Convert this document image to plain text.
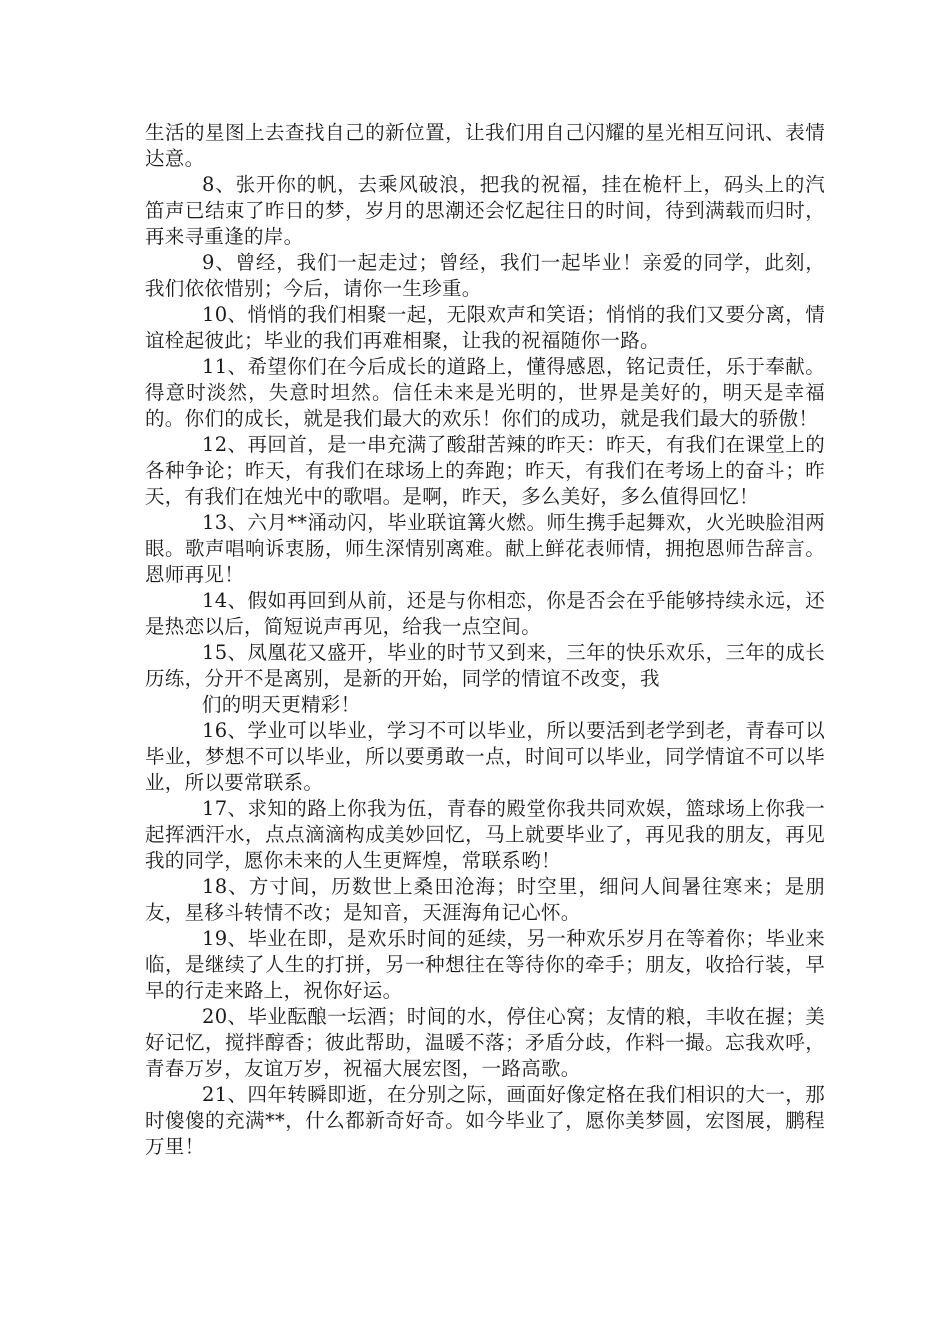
生活的星图上去查找自己的新位置，让我们用自己闪耀的星光相互问讯、表情达意。

8、张开你的帆，去乘风破浪，把我的祝福，挂在桅杆上，码头上的汽笛声已结束了昨日的梦，岁月的思潮还会忆起往日的时间，待到满载而归时，再来寻重逢的岸。

9、曾经，我们一起走过；曾经，我们一起毕业！亲爱的同学，此刻，我们依依惜别；今后，请你一生珍重。

10、悄悄的我们相聚一起，无限欢声和笑语；悄悄的我们又要分离，情谊栓起彼此；毕业的我们再难相聚，让我的祝福随你一路。

11、希望你们在今后成长的道路上，懂得感恩，铭记责任，乐于奉献。得意时淡然，失意时坦然。信任未来是光明的，世界是美好的，明天是幸福的。你们的成长，就是我们最大的欢乐！你们的成功，就是我们最大的骄傲！

12、再回首，是一串充满了酸甜苦辣的昨天：昨天，有我们在课堂上的各种争论；昨天，有我们在球场上的奔跑；昨天，有我们在考场上的奋斗；昨天，有我们在烛光中的歌唱。是啊，昨天，多么美好，多么值得回忆！

13、六月**涌动闪，毕业联谊篝火燃。师生携手起舞欢，火光映脸泪两眼。歌声唱响诉衷肠，师生深情别离难。献上鲜花表师情，拥抱恩师告辞言。恩师再见！

14、假如再回到从前，还是与你相恋，你是否会在乎能够持续永远，还是热恋以后，简短说声再见，给我一点空间。

15、凤凰花又盛开，毕业的时节又到来，三年的快乐欢乐，三年的成长历练，分开不是离别，是新的开始，同学的情谊不改变，我

们的明天更精彩！

16、学业可以毕业，学习不可以毕业，所以要活到老学到老，青春可以毕业，梦想不可以毕业，所以要勇敢一点，时间可以毕业，同学情谊不可以毕业，所以要常联系。

17、求知的路上你我为伍，青春的殿堂你我共同欢娱，篮球场上你我一起挥洒汗水，点点滴滴构成美妙回忆，马上就要毕业了，再见我的朋友，再见我的同学，愿你未来的人生更辉煌，常联系哟！

18、方寸间，历数世上桑田沧海；时空里，细问人间暑往寒来；是朋友，星移斗转情不改；是知音，天涯海角记心怀。

19、毕业在即，是欢乐时间的延续，另一种欢乐岁月在等着你；毕业来临，是继续了人生的打拼，另一种想往在等待你的牵手；朋友，收拾行装，早早的行走来路上，祝你好运。

20、毕业酝酿一坛酒；时间的水，停住心窝；友情的粮，丰收在握；美好记忆，搅拌醇香；彼此帮助，温暖不落；矛盾分歧，作料一撮。忘我欢呼，青春万岁，友谊万岁，祝福大展宏图，一路高歌。

21、四年转瞬即逝，在分别之际，画面好像定格在我们相识的大一，那时傻傻的充满**，什么都新奇好奇。如今毕业了，愿你美梦圆，宏图展，鹏程万里！
